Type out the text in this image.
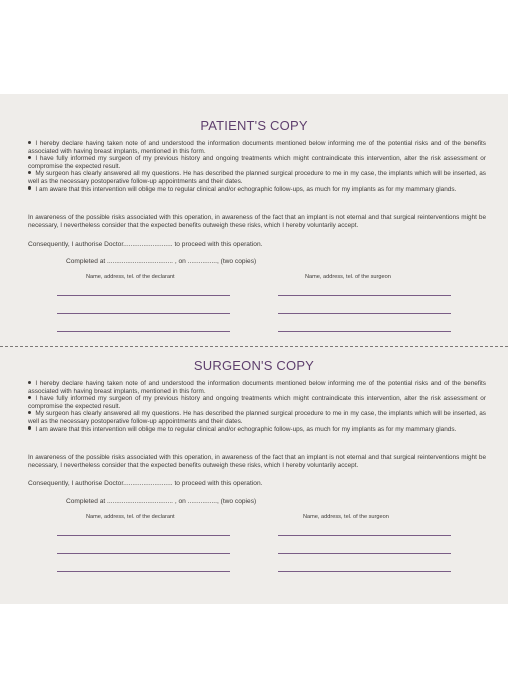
PATIENT'S COPY
I hereby declare having taken note of and understood the information documents mentioned below informing me of the potential risks and of the benefits associated with having breast implants, mentioned in this form.
I have fully informed my surgeon of my previous history and ongoing treatments which might contraindicate this intervention, alter the risk assessment or compromise the expected result.
My surgeon has clearly answered all my questions. He has described the planned surgical procedure to me in my case, the implants which will be inserted, as well as the necessary postoperative follow-up appointments and their dates.
I am aware that this intervention will oblige me to regular clinical and/or echographic follow-ups, as much for my implants as for my mammary glands.
In awareness of the possible risks associated with this operation, in awareness of the fact that an implant is not eternal and that surgical reinterventions might be necessary, I nevertheless consider that the expected benefits outweigh these risks, which I hereby voluntarily accept.
Consequently, I authorise Doctor........................... to proceed with this operation.
Completed at .................................... , on ................, (two copies)
Name, address, tel. of the declarant	Name, address, tel. of the surgeon
SURGEON'S COPY
I hereby declare having taken note of and understood the information documents mentioned below informing me of the potential risks and of the benefits associated with having breast implants, mentioned in this form.
I have fully informed my surgeon of my previous history and ongoing treatments which might contraindicate this intervention, alter the risk assessment or compromise the expected result.
My surgeon has clearly answered all my questions. He has described the planned surgical procedure to me in my case, the implants which will be inserted, as well as the necessary postoperative follow-up appointments and their dates.
I am aware that this intervention will oblige me to regular clinical and/or echographic follow-ups, as much for my implants as for my mammary glands.
In awareness of the possible risks associated with this operation, in awareness of the fact that an implant is not eternal and that surgical reinterventions might be necessary, I nevertheless consider that the expected benefits outweigh these risks, which I hereby voluntarily accept.
Consequently, I authorise Doctor........................... to proceed with this operation.
Completed at .................................... , on ................, (two copies)
Name, address, tel. of the declarant	Name, address, tel. of the surgeon
